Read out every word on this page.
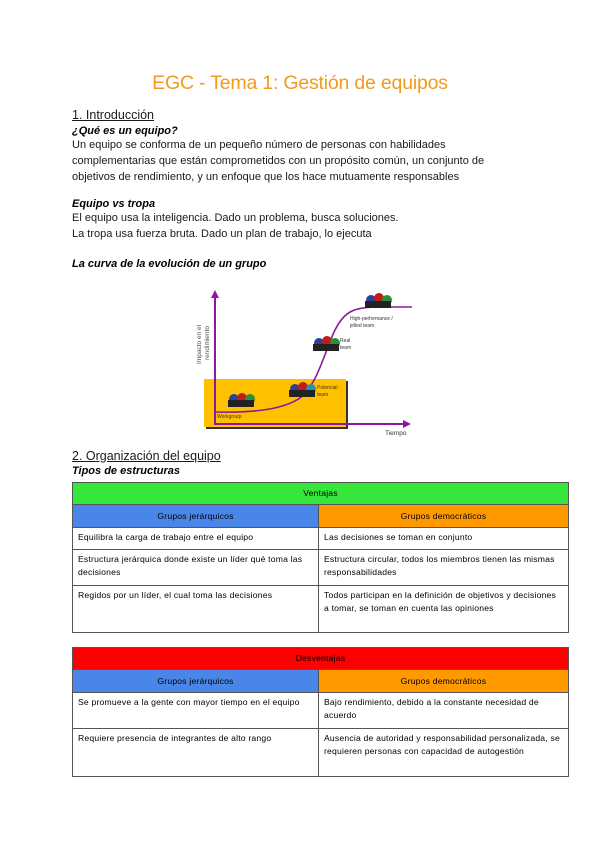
EGC - Tema 1: Gestión de equipos
1. Introducción
¿Qué es un equipo?
Un equipo se conforma de un pequeño número de personas con habilidades
complementarias que están comprometidos con un propósito común, un conjunto de
objetivos de rendimiento, y un enfoque que los hace mutuamente responsables
Equipo vs tropa
El equipo usa la inteligencia. Dado un problema, busca soluciones.
La tropa usa fuerza bruta. Dado un plan de trabajo, lo ejecuta
La curva de la evolución de un grupo
Impacto en el rendimiento
Tiempo
Workgroup
Potencial
team
Real
team
High-performance /
jelled team
2. Organización del equipo
Tipos de estructuras
Ventajas	
Grupos jerárquicos	Grupos democráticos
Equilibra la carga de trabajo entre el equipo	Las decisiones se toman en conjunto
Estructura jerárquica donde existe un líder qué toma las decisiones	Estructura circular, todos los miembros tienen las mismas responsabilidades
Regidos por un líder, el cual toma las decisiones	Todos participan en la definición de objetivos y decisiones a tomar, se toman en cuenta las opiniones
Desventajas	
Grupos jerárquicos	Grupos democráticos
Se promueve a la gente con mayor tiempo en el equipo	Bajo rendimiento, debido a la constante necesidad de acuerdo
Requiere presencia de integrantes de alto rango	Ausencia de autoridad y responsabilidad personalizada, se requieren personas con capacidad de autogestión
